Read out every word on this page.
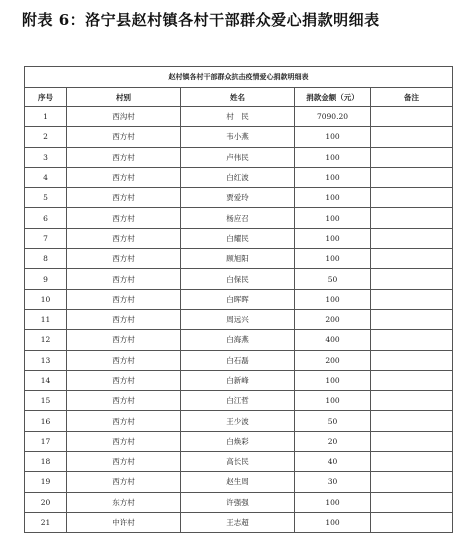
附表 6：洛宁县赵村镇各村干部群众爱心捐款明细表
赵村镇各村干部群众抗击疫情爱心捐款明细表				
序号	村别	姓名	捐款金额（元）	备注
1	西沟村	村　民	7090.20	
2	西方村	韦小燕	100	
3	西方村	卢伟民	100	
4	西方村	白红波	100	
5	西方村	贾爱玲	100	
6	西方村	杨应召	100	
7	西方村	白耀民	100	
8	西方村	顾旭阳	100	
9	西方村	白保民	50	
10	西方村	白晖晖	100	
11	西方村	周远兴	200	
12	西方村	白海燕	400	
13	西方村	白石磊	200	
14	西方村	白新峰	100	
15	西方村	白江哲	100	
16	西方村	王少波	50	
17	西方村	白焕彩	20	
18	西方村	高长民	40	
19	西方村	赵生周	30	
20	东方村	许强强	100	
21	中许村	王志超	100	
